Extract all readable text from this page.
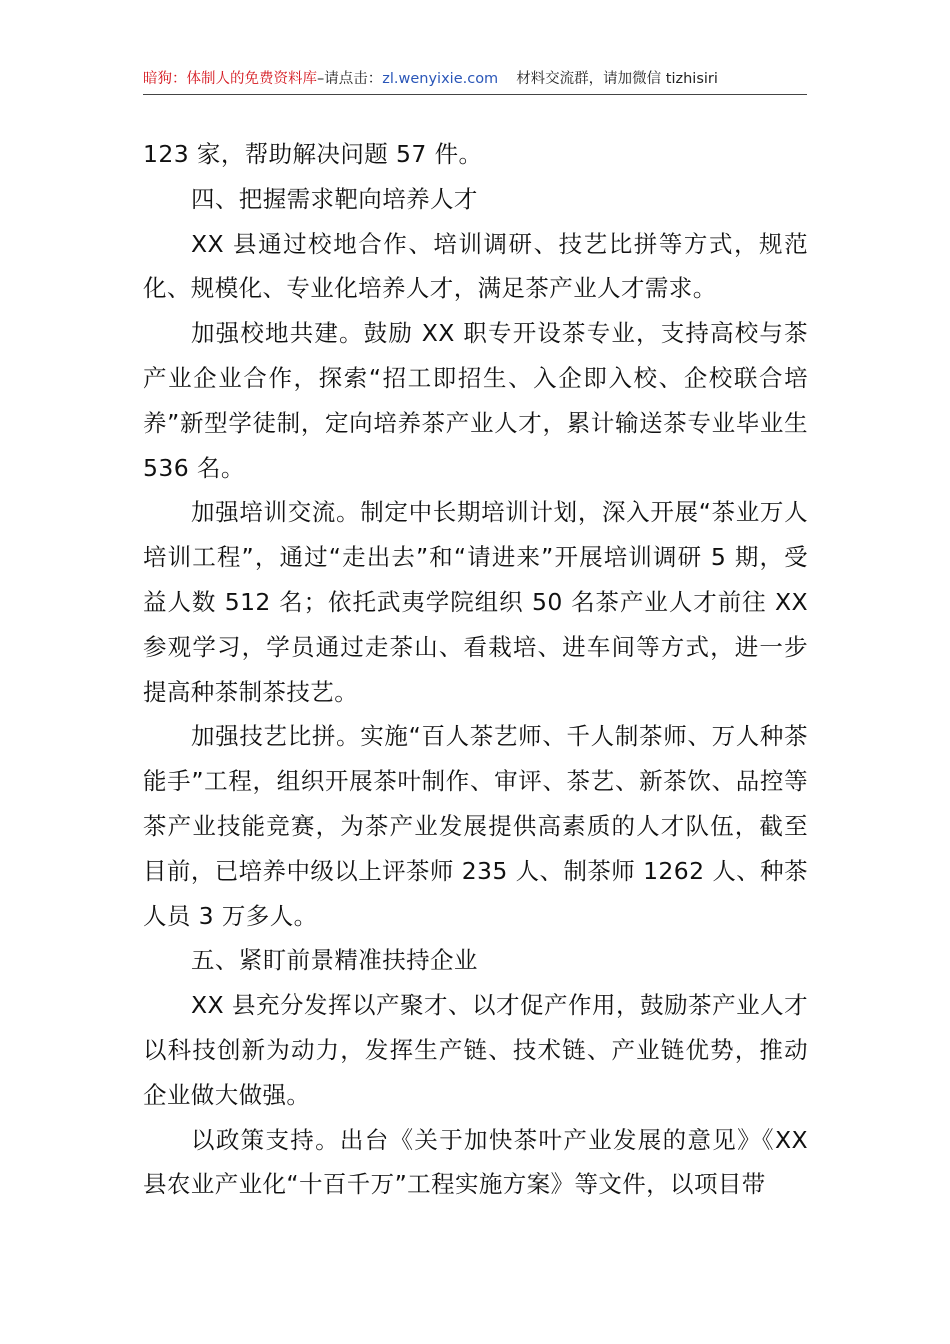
暗狗：体制人的免费资料库–请点击：zl.wenyixie.com 材料交流群，请加微信 tizhisiri

123 家，帮助解决问题 57 件。

四、把握需求靶向培养人才

XX 县通过校地合作、培训调研、技艺比拼等方式，规范化、规模化、专业化培养人才，满足茶产业人才需求。

加强校地共建。鼓励 XX 职专开设茶专业，支持高校与茶产业企业合作，探索“招工即招生、入企即入校、企校联合培养”新型学徒制，定向培养茶产业人才，累计输送茶专业毕业生 536 名。

加强培训交流。制定中长期培训计划，深入开展“茶业万人培训工程”，通过“走出去”和“请进来”开展培训调研 5 期，受益人数 512 名；依托武夷学院组织 50 名茶产业人才前往 XX 参观学习，学员通过走茶山、看栽培、进车间等方式，进一步提高种茶制茶技艺。

加强技艺比拼。实施“百人茶艺师、千人制茶师、万人种茶能手”工程，组织开展茶叶制作、审评、茶艺、新茶饮、品控等茶产业技能竞赛，为茶产业发展提供高素质的人才队伍，截至目前，已培养中级以上评茶师 235 人、制茶师 1262 人、种茶人员 3 万多人。

五、紧盯前景精准扶持企业

XX 县充分发挥以产聚才、以才促产作用，鼓励茶产业人才以科技创新为动力，发挥生产链、技术链、产业链优势，推动企业做大做强。

以政策支持。出台《关于加快茶叶产业发展的意见》《XX 县农业产业化“十百千万”工程实施方案》等文件，以项目带
